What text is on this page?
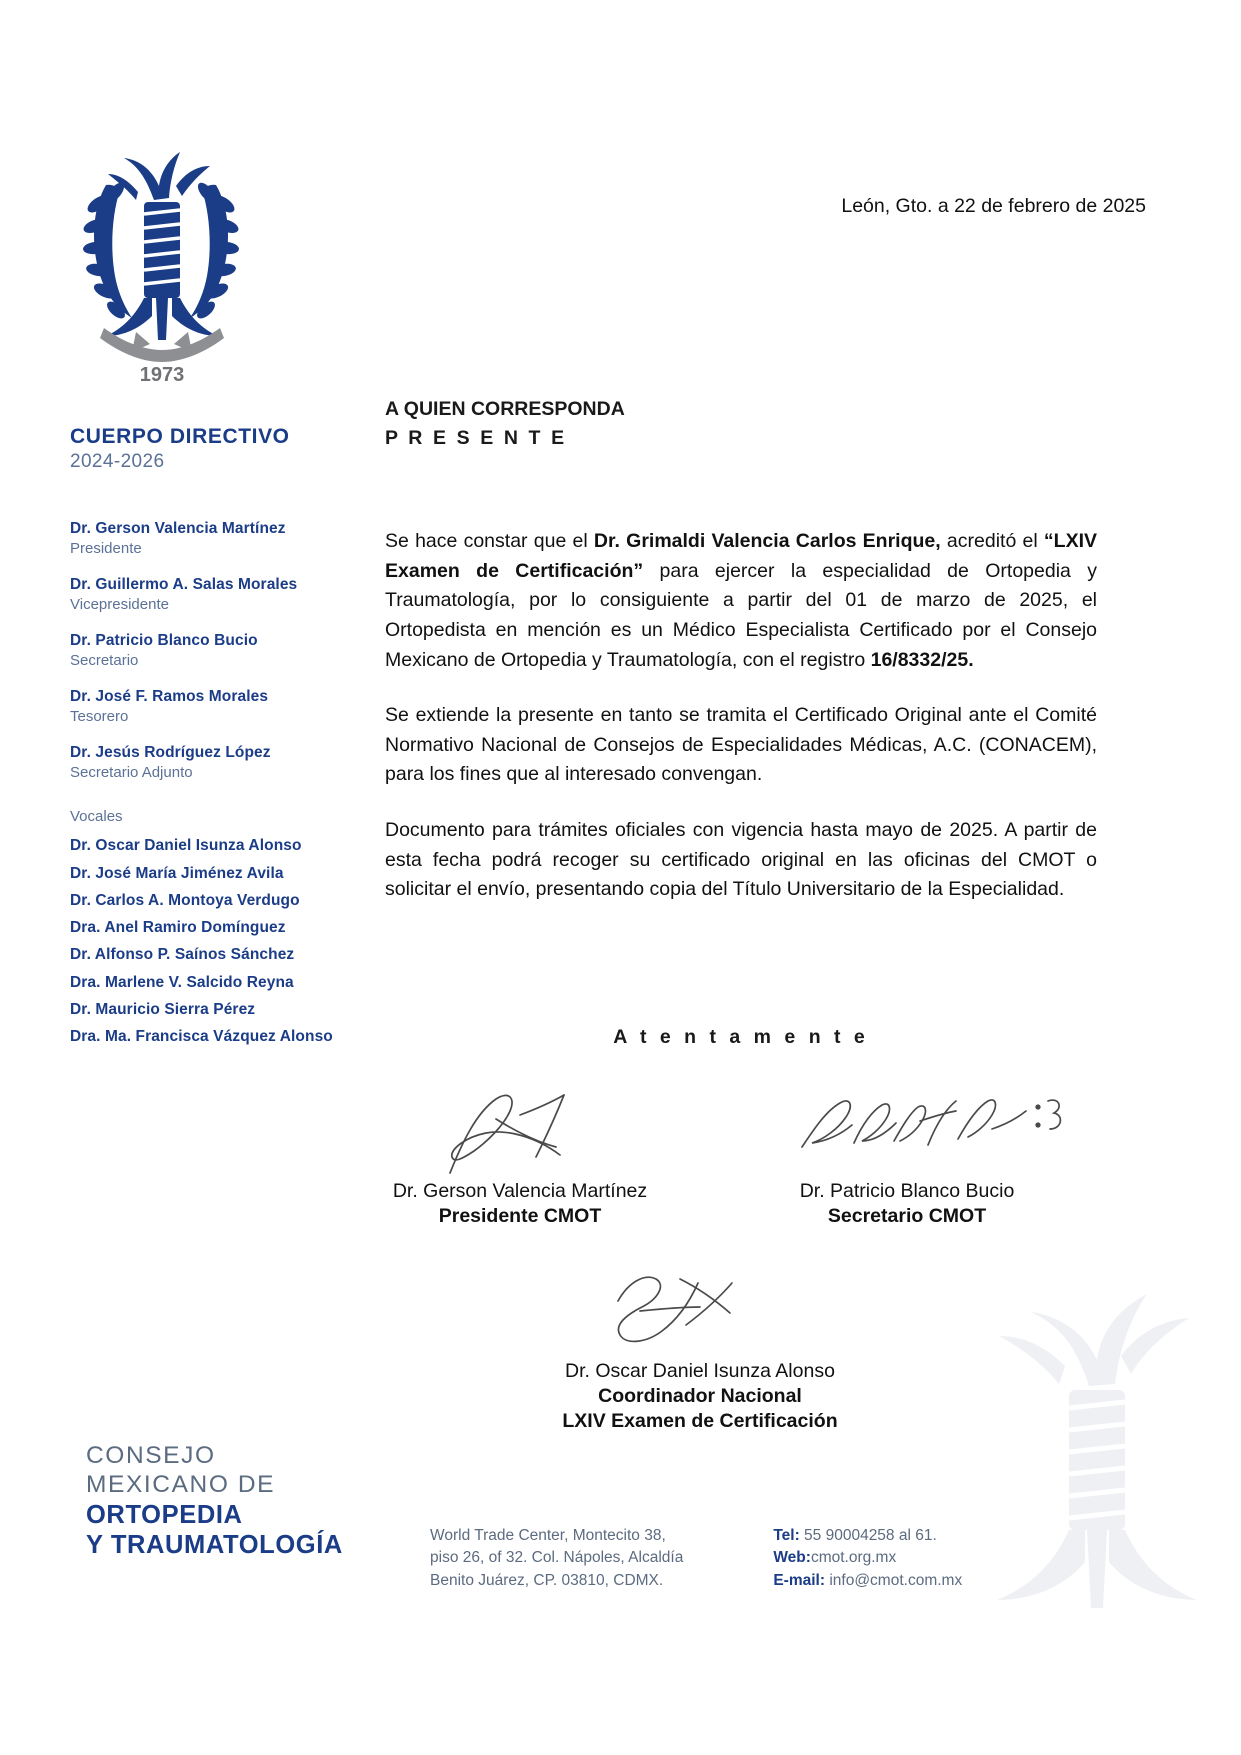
1973
CUERPO DIRECTIVO
2024-2026
Dr. Gerson Valencia Martínez
Presidente
Dr. Guillermo A. Salas Morales
Vicepresidente
Dr. Patricio Blanco Bucio
Secretario
Dr. José F. Ramos Morales
Tesorero
Dr. Jesús Rodríguez López
Secretario Adjunto
Vocales
Dr. Oscar Daniel Isunza Alonso
Dr. José María Jiménez Avila
Dr. Carlos A. Montoya Verdugo
Dra. Anel Ramiro Domínguez
Dr. Alfonso P. Saínos Sánchez
Dra. Marlene V. Salcido Reyna
Dr. Mauricio Sierra Pérez
Dra. Ma. Francisca Vázquez Alonso
CONSEJO
MEXICANO DE
ORTOPEDIA
Y TRAUMATOLOGÍA
León, Gto. a 22 de febrero de 2025
A QUIEN CORRESPONDA
P R E S E N T E

Se hace constar que el Dr. Grimaldi Valencia Carlos Enrique, acreditó el “LXIV Examen de Certificación” para ejercer la especialidad de Ortopedia y Traumatología, por lo consiguiente a partir del 01 de marzo de 2025, el Ortopedista en mención es un Médico Especialista Certificado por el Consejo Mexicano de Ortopedia y Traumatología, con el registro 16/8332/25.

Se extiende la presente en tanto se tramita el Certificado Original ante el Comité Normativo Nacional de Consejos de Especialidades Médicas, A.C. (CONACEM), para los fines que al interesado convengan.

Documento para trámites oficiales con vigencia hasta mayo de 2025. A partir de esta fecha podrá recoger su certificado original en las oficinas del CMOT o solicitar el envío, presentando copia del Título Universitario de la Especialidad.

A t e n t a m e n t e
Dr. Gerson Valencia Martínez
Presidente CMOT
Dr. Patricio Blanco Bucio
Secretario CMOT
Dr. Oscar Daniel Isunza Alonso
Coordinador Nacional
LXIV Examen de Certificación
World Trade Center, Montecito 38,
piso 26, of 32. Col. Nápoles, Alcaldía
Benito Juárez, CP. 03810, CDMX.
Tel: 55 90004258 al 61.
Web:cmot.org.mx
E-mail: info@cmot.com.mx
